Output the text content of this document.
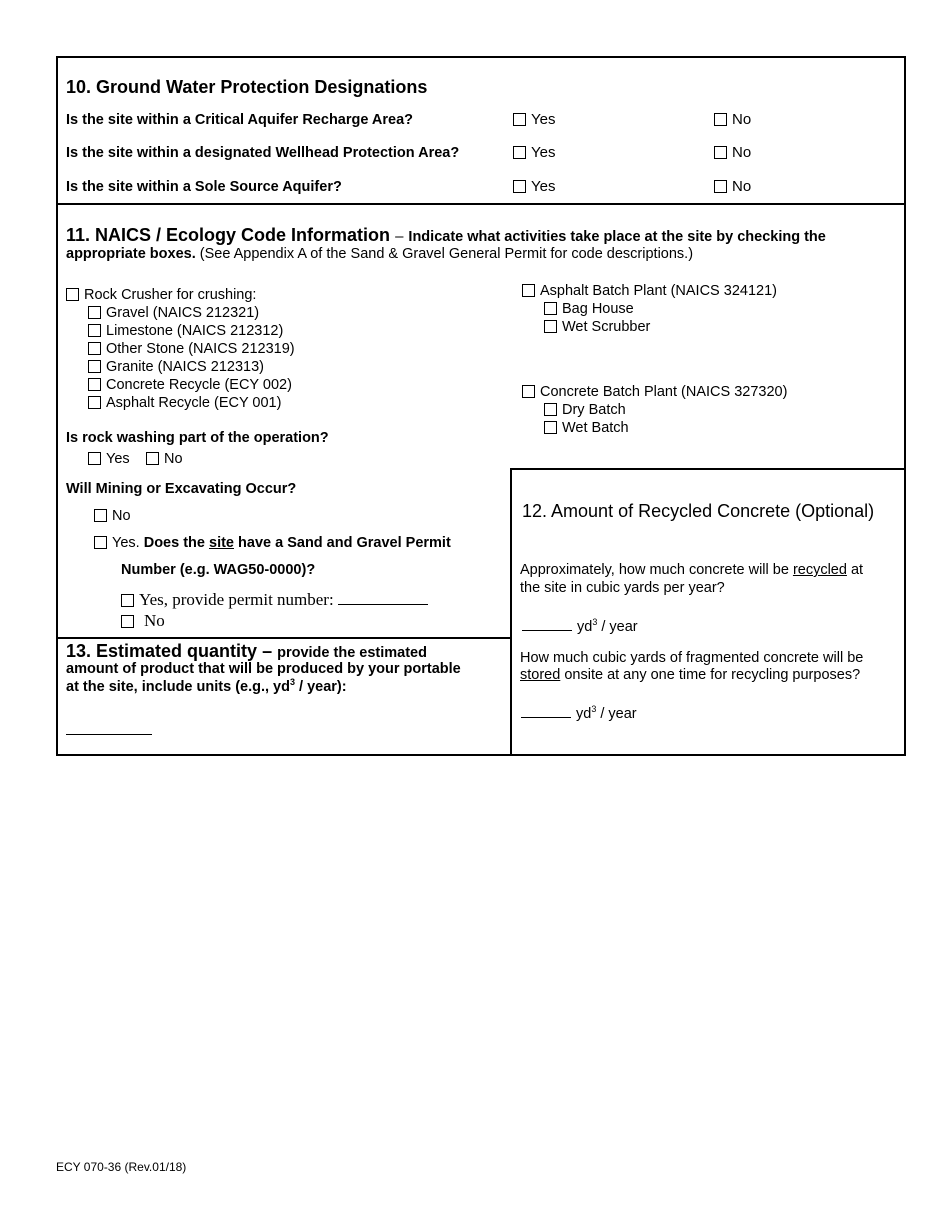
10. Ground Water Protection Designations
Is the site within a Critical Aquifer Recharge Area?	Yes	No
Is the site within a designated Wellhead Protection Area?	Yes	No
Is the site within a Sole Source Aquifer?	Yes	No
11. NAICS / Ecology Code Information – Indicate what activities take place at the site by checking the
appropriate boxes. (See Appendix A of the Sand & Gravel General Permit for code descriptions.)
Rock Crusher for crushing:
Gravel (NAICS 212321)
Limestone (NAICS 212312)
Other Stone (NAICS 212319)
Granite (NAICS 212313)
Concrete Recycle (ECY 002)
Asphalt Recycle (ECY 001)
Asphalt Batch Plant (NAICS 324121)
Bag House
Wet Scrubber
Concrete Batch Plant (NAICS 327320)
Dry Batch
Wet Batch
Is rock washing part of the operation?
Yes	No
Will Mining or Excavating Occur?
No
Yes. Does the site have a Sand and Gravel Permit
Number (e.g. WAG50-0000)?
Yes, provide permit number:
No
12. Amount of Recycled Concrete (Optional)
Approximately, how much concrete will be recycled at
the site in cubic yards per year?
$yd^3$ / year
How much cubic yards of fragmented concrete will be
stored onsite at any one time for recycling purposes?
$yd^3$ / year
13. Estimated quantity – provide the estimated
amount of product that will be produced by your portable
at the site, include units (e.g., $yd^3$ / year):
ECY 070-36 (Rev.01/18)
